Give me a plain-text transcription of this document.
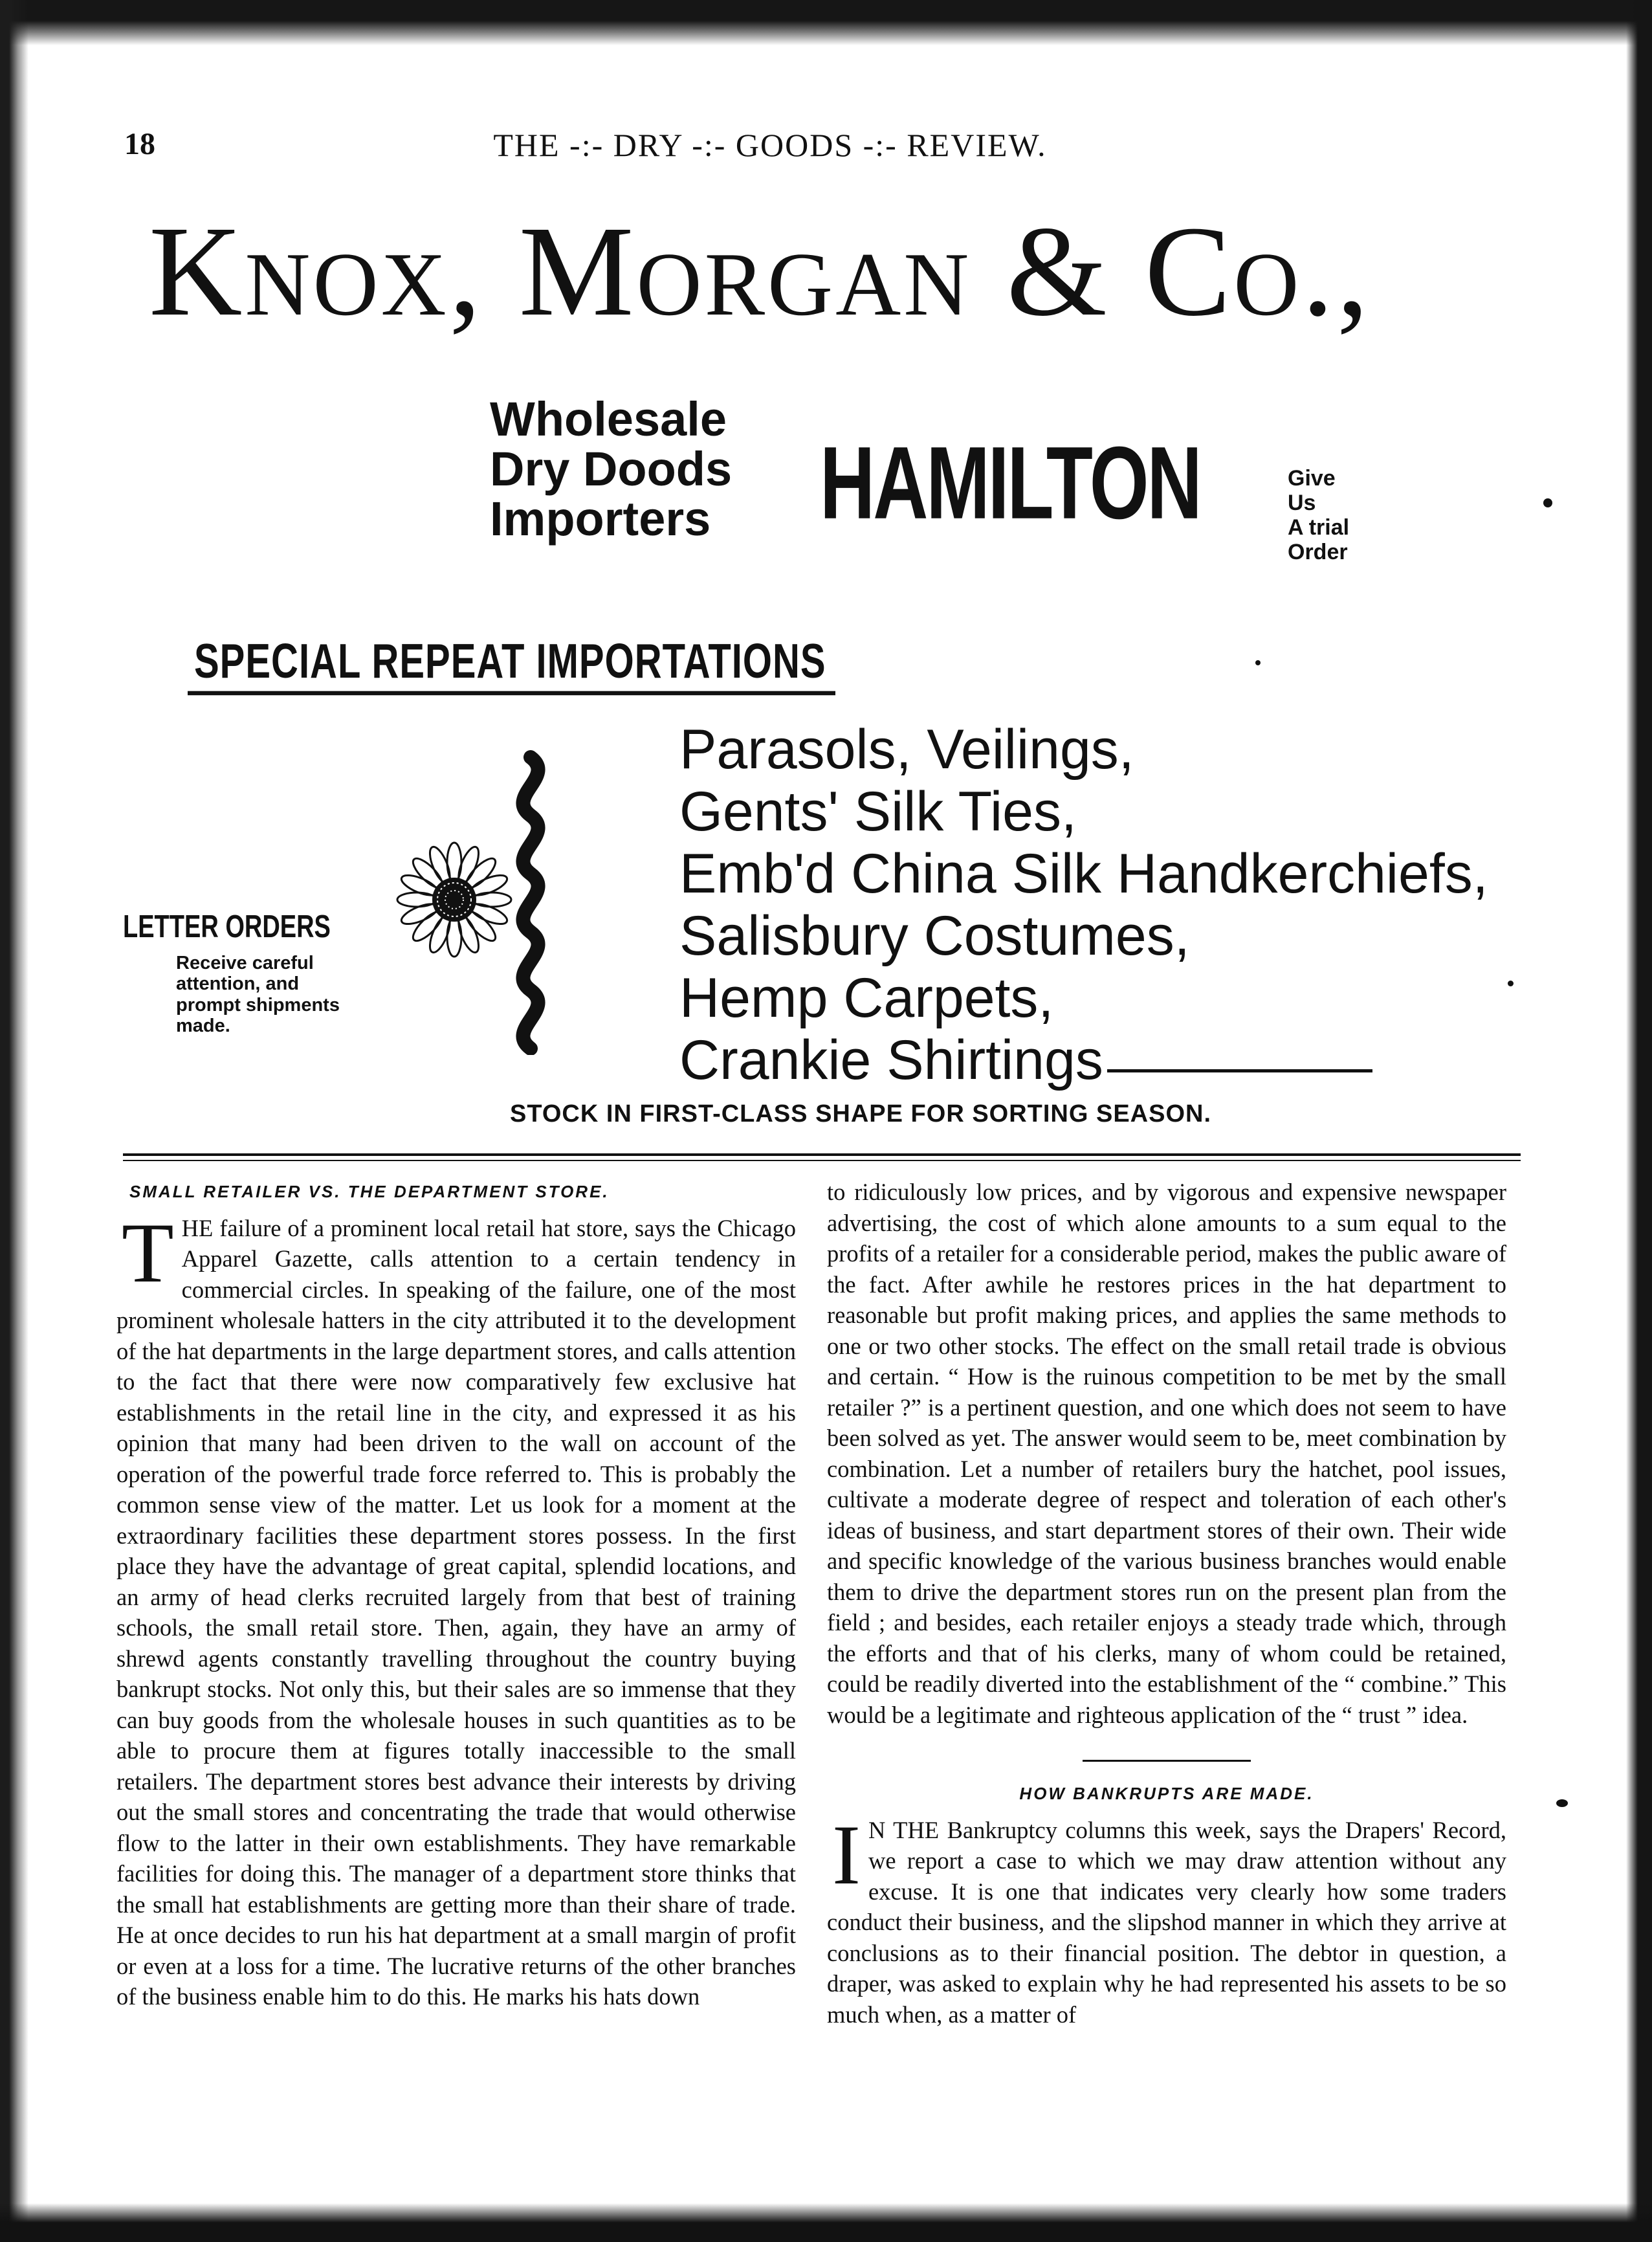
18	THE -:- DRY -:- GOODS -:- REVIEW.
Knox, Morgan & Co.,
Wholesale
Dry Doods
Importers	HAMILTON	Give
Us
A trial
Order
SPECIAL REPEAT IMPORTATIONS
Parasols, Veilings,
Gents' Silk Ties,
Emb'd China Silk Handkerchiefs,
Salisbury Costumes,
Hemp Carpets,
Crankie Shirtings
LETTER ORDERS
Receive careful
attention, and
prompt shipments
made.
STOCK IN FIRST-CLASS SHAPE FOR SORTING SEASON.
SMALL RETAILER VS. THE DEPARTMENT STORE.

THE failure of a prominent local retail hat store, says the Chicago Apparel Gazette, calls attention to a certain tendency in commercial circles. In speaking of the failure, one of the most prominent wholesale hatters in the city attributed it to the development of the hat departments in the large department stores, and calls attention to the fact that there were now comparatively few exclusive hat establishments in the retail line in the city, and expressed it as his opinion that many had been driven to the wall on account of the operation of the powerful trade force referred to. This is probably the common sense view of the matter. Let us look for a moment at the extraordinary facilities these department stores possess. In the first place they have the advantage of great capital, splendid locations, and an army of head clerks recruited largely from that best of training schools, the small retail store. Then, again, they have an army of shrewd agents constantly travelling throughout the country buying bankrupt stocks. Not only this, but their sales are so immense that they can buy goods from the wholesale houses in such quantities as to be able to procure them at figures totally inaccessible to the small retailers. The department stores best advance their interests by driving out the small stores and concentrating the trade that would otherwise flow to the latter in their own establishments. They have remarkable facilities for doing this. The manager of a department store thinks that the small hat establishments are getting more than their share of trade. He at once decides to run his hat department at a small margin of profit or even at a loss for a time. The lucrative returns of the other branches of the business enable him to do this. He marks his hats down

to ridiculously low prices, and by vigorous and expensive newspaper advertising, the cost of which alone amounts to a sum equal to the profits of a retailer for a considerable period, makes the public aware of the fact. After awhile he restores prices in the hat department to reasonable but profit making prices, and applies the same methods to one or two other stocks. The effect on the small retail trade is obvious and certain. “ How is the ruinous competition to be met by the small retailer ?” is a pertinent question, and one which does not seem to have been solved as yet. The answer would seem to be, meet combination by combination. Let a number of retailers bury the hatchet, pool issues, cultivate a moderate degree of respect and toleration of each other's ideas of business, and start department stores of their own. Their wide and specific knowledge of the various business branches would enable them to drive the department stores run on the present plan from the field ; and besides, each retailer enjoys a steady trade which, through the efforts and that of his clerks, many of whom could be retained, could be readily diverted into the establishment of the “ combine.” This would be a legitimate and righteous application of the “ trust ” idea.

HOW BANKRUPTS ARE MADE.

I N THE Bankruptcy columns this week, says the Drapers' Record, we report a case to which we may draw attention without any excuse. It is one that indicates very clearly how some traders conduct their business, and the slipshod manner in which they arrive at conclusions as to their financial position. The debtor in question, a draper, was asked to explain why he had represented his assets to be so much when, as a matter of
